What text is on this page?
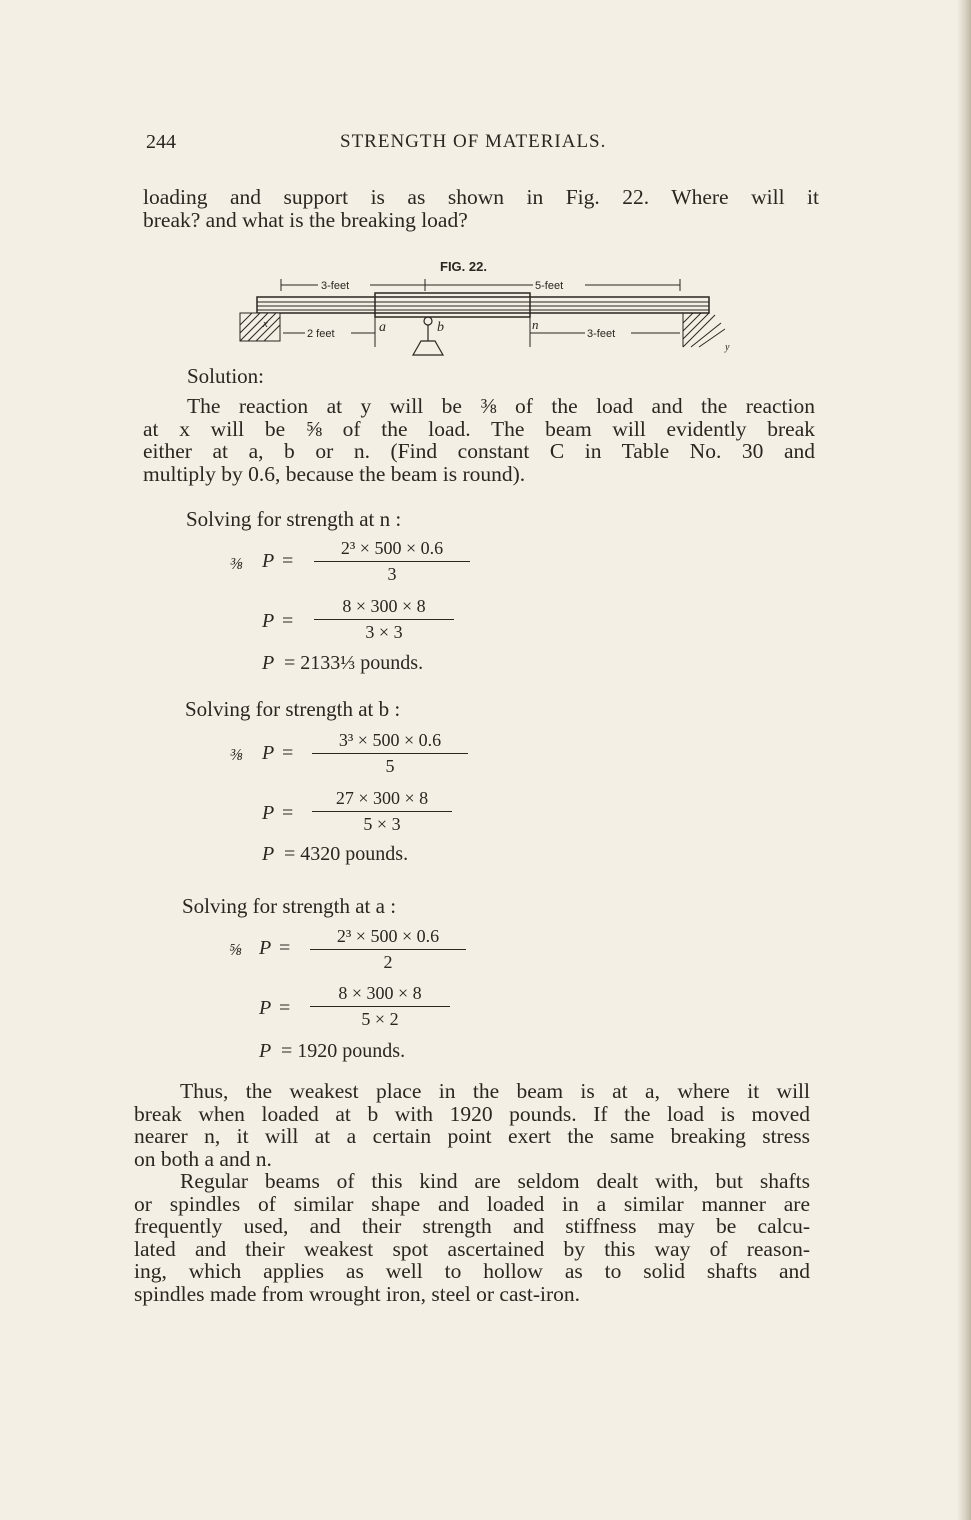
244	STRENGTH OF MATERIALS.
loading and support is as shown in Fig. 22. Where will it
break? and what is the breaking load?
FIG. 22.
3-feet	5-feet
x
y
2 feet	a	b	n
3-feet
Solution:
The reaction at y will be ⅜ of the load and the reaction
at x will be ⅝ of the load. The beam will evidently break
either at a, b or n. (Find constant C in Table No. 30 and
multiply by 0.6, because the beam is round).
Solving for strength at n :
⅜ $P = \frac{\text{2³ × 500 × 0.6}}{3}$
$P = \frac{8 \times 300 \times 8}{3 \times 3}$
P = 2133⅓ pounds.
Solving for strength at b :
⅜ $P = \frac{\text{3³ × 500 × 0.6}}{5}$
$P = \frac{27 \times 300 \times 8}{5 \times 3}$
P = 4320 pounds.
Solving for strength at a :
⅝ $P = \frac{\text{2³ × 500 × 0.6}}{2}$
$P = \frac{8 \times 300 \times 8}{5 \times 2}$
P = 1920 pounds.
Thus, the weakest place in the beam is at a, where it will
break when loaded at b with 1920 pounds. If the load is moved
nearer n, it will at a certain point exert the same breaking stress
on both a and n.
Regular beams of this kind are seldom dealt with, but shafts
or spindles of similar shape and loaded in a similar manner are
frequently used, and their strength and stiffness may be calcu-
lated and their weakest spot ascertained by this way of reason-
ing, which applies as well to hollow as to solid shafts and
spindles made from wrought iron, steel or cast-iron.
